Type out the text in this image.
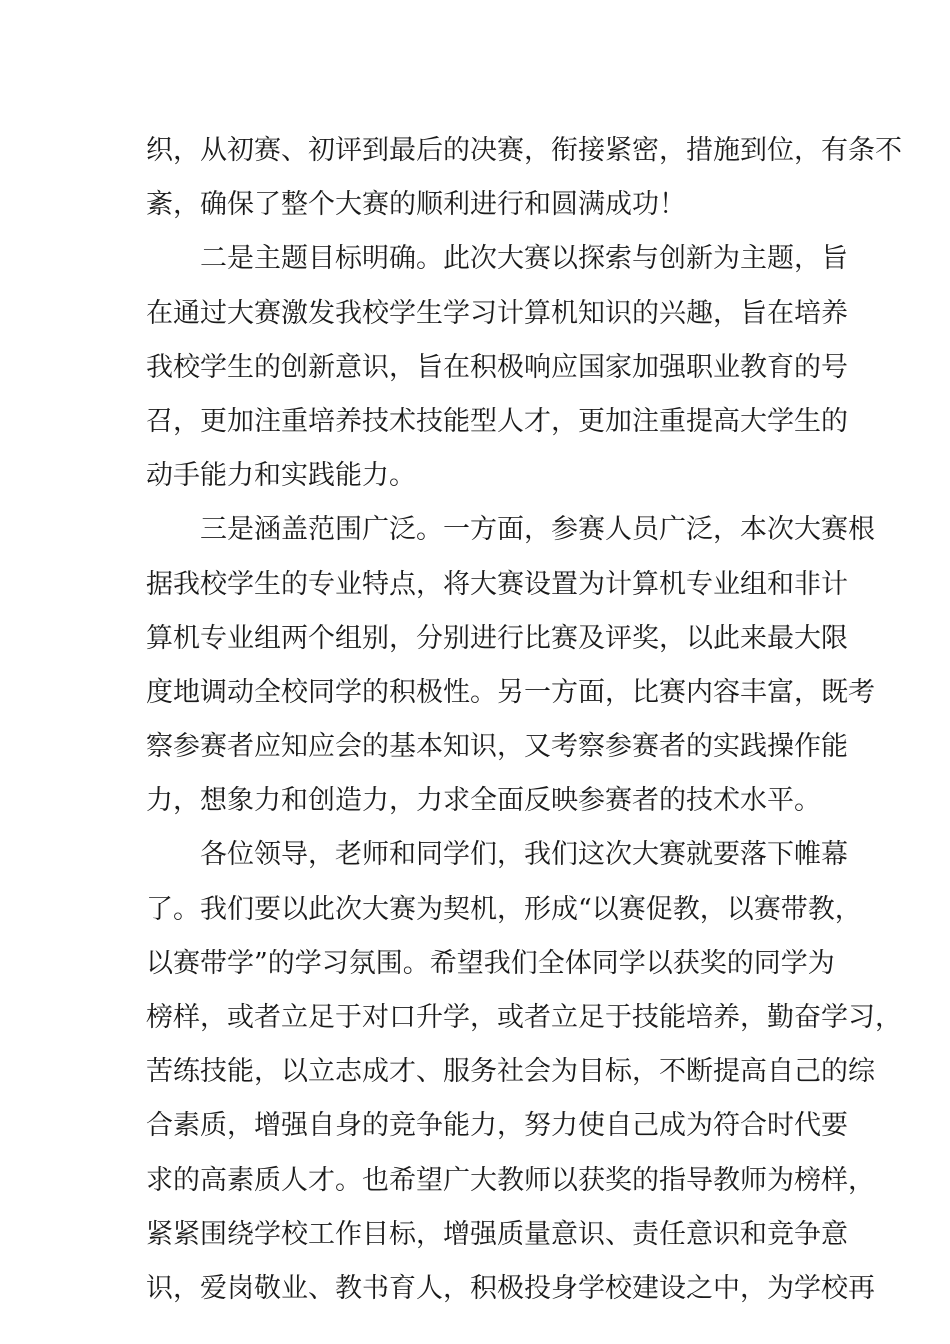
织，从初赛、初评到最后的决赛，衔接紧密，措施到位，有条不
紊，确保了整个大赛的顺利进行和圆满成功！
二是主题目标明确。此次大赛以探索与创新为主题，旨
在通过大赛激发我校学生学习计算机知识的兴趣，旨在培养
我校学生的创新意识，旨在积极响应国家加强职业教育的号
召，更加注重培养技术技能型人才，更加注重提高大学生的
动手能力和实践能力。
三是涵盖范围广泛。一方面，参赛人员广泛，本次大赛根
据我校学生的专业特点，将大赛设置为计算机专业组和非计
算机专业组两个组别，分别进行比赛及评奖，以此来最大限
度地调动全校同学的积极性。另一方面，比赛内容丰富，既考
察参赛者应知应会的基本知识，又考察参赛者的实践操作能
力，想象力和创造力，力求全面反映参赛者的技术水平。
各位领导，老师和同学们，我们这次大赛就要落下帷幕
了。我们要以此次大赛为契机，形成“以赛促教，以赛带教，
以赛带学”的学习氛围。希望我们全体同学以获奖的同学为
榜样，或者立足于对口升学，或者立足于技能培养，勤奋学习，
苦练技能，以立志成才、服务社会为目标，不断提高自己的综
合素质，增强自身的竞争能力，努力使自己成为符合时代要
求的高素质人才。也希望广大教师以获奖的指导教师为榜样，
紧紧围绕学校工作目标，增强质量意识、责任意识和竞争意
识，爱岗敬业、教书育人，积极投身学校建设之中，为学校再
